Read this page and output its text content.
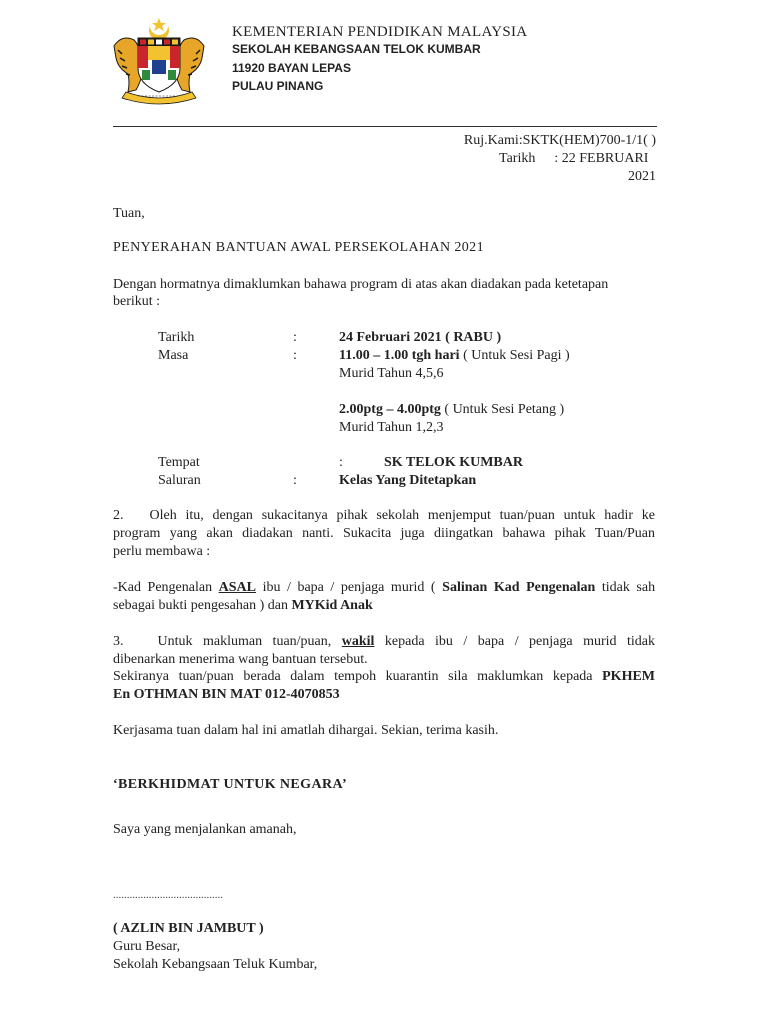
KEMENTERIAN PENDIDIKAN MALAYSIA
SEKOLAH KEBANGSAAN TELOK KUMBAR
11920 BAYAN LEPAS
PULAU PINANG
Ruj.Kami:SKTK(HEM)700-1/1( )
Tarikh : 22 FEBRUARI
2021
Tuan,
PENYERAHAN BANTUAN AWAL PERSEKOLAHAN 2021
Dengan hormatnya dimaklumkan bahawa program di atas akan diadakan pada ketetapan
berikut :
Tarikh	:	24 Februari 2021 ( RABU )
Masa	:	11.00 – 1.00 tgh hari ( Untuk Sesi Pagi )
Murid Tahun 4,5,6
2.00ptg – 4.00ptg ( Untuk Sesi Petang )
Murid Tahun 1,2,3
Tempat	:	SK TELOK KUMBAR
Saluran	:	Kelas Yang Ditetapkan
2. Oleh itu, dengan sukacitanya pihak sekolah menjemput tuan/puan untuk hadir ke
program yang akan diadakan nanti. Sukacita juga diingatkan bahawa pihak Tuan/Puan
perlu membawa :
-Kad Pengenalan ASAL ibu / bapa / penjaga murid ( Salinan Kad Pengenalan tidak sah
sebagai bukti pengesahan ) dan MYKid Anak
3. Untuk makluman tuan/puan, wakil kepada ibu / bapa / penjaga murid tidak
dibenarkan menerima wang bantuan tersebut.
Sekiranya tuan/puan berada dalam tempoh kuarantin sila maklumkan kepada PKHEM
En OTHMAN BIN MAT 012-4070853
Kerjasama tuan dalam hal ini amatlah dihargai. Sekian, terima kasih.
‘BERKHIDMAT UNTUK NEGARA’
Saya yang menjalankan amanah,
........................................
( AZLIN BIN JAMBUT )
Guru Besar,
Sekolah Kebangsaan Teluk Kumbar,
